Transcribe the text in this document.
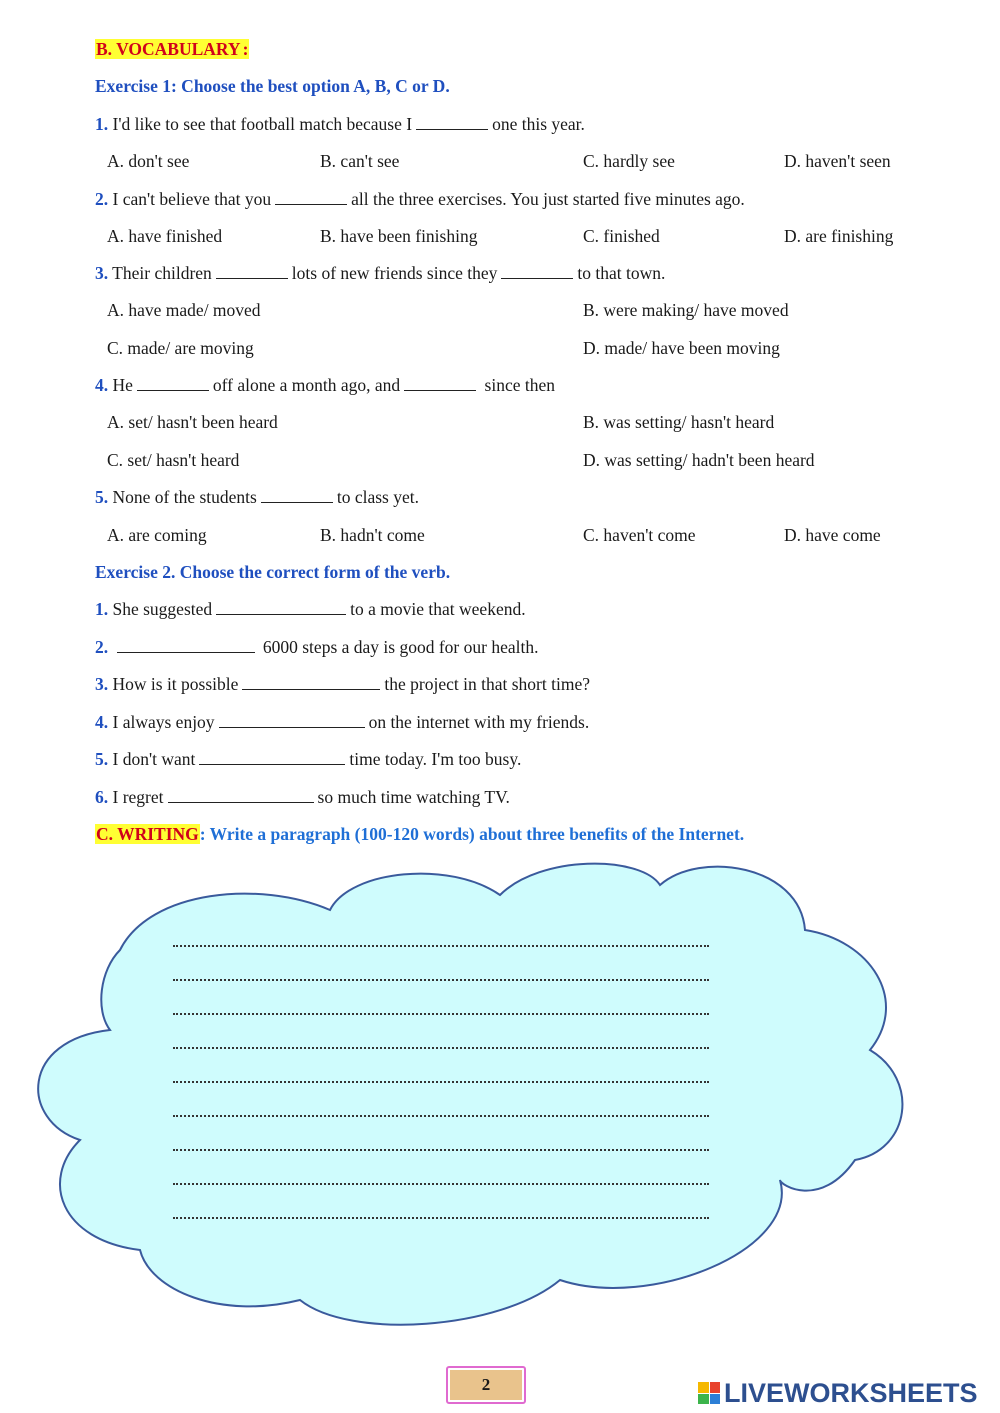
B. VOCABULARY :
Exercise 1: Choose the best option A, B, C or D.
1. I'd like to see that football match because I	one this year.
A. don't see	B. can't see	C. hardly see	D. haven't seen
2. I can't believe that you	all the three exercises. You just started five minutes ago.
A. have finished	B. have been finishing	C. finished	D. are finishing
3. Their children	lots of new friends since they	to that town.
A. have made/ moved	B. were making/ have moved
C. made/ are moving	D. made/ have been moving
4. He	off alone a month ago, and	since then
A. set/ hasn't been heard	B. was setting/ hasn't heard
C. set/ hasn't heard	D. was setting/ hadn't been heard
5. None of the students	to class yet.
A. are coming	B. hadn't come	C. haven't come	D. have come
Exercise 2. Choose the correct form of the verb.
1. She suggested	to a movie that weekend.
2.	6000 steps a day is good for our health.
3. How is it possible	the project in that short time?
4. I always enjoy	on the internet with my friends.
5. I don't want	time today. I'm too busy.
6. I regret	so much time watching TV.
C. WRITING: Write a paragraph (100-120 words) about three benefits of the Internet.
2	LIVEWORKSHEETS
